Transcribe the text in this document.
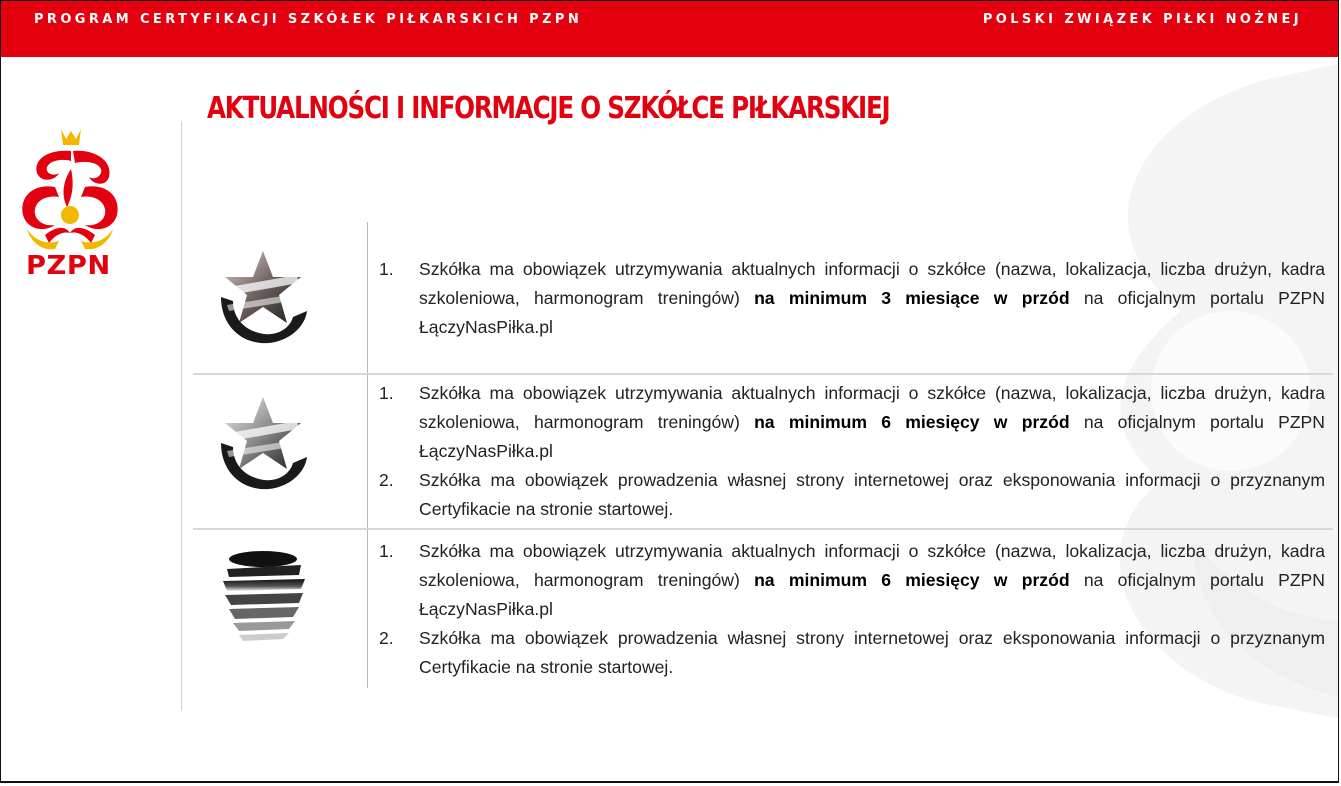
PROGRAM CERTYFIKACJI SZKÓŁEK PIŁKARSKICH PZPN	POLSKI ZWIĄZEK PIŁKI NOŻNEJ
PZPN
AKTUALNOŚCI I INFORMACJE O SZKÓŁCE PIŁKARSKIEJ
1. Szkółka ma obowiązek utrzymywania aktualnych informacji o szkółce (nazwa, lokalizacja, liczba drużyn, kadra szkoleniowa, harmonogram treningów) na minimum 3 miesiące w przód na oficjalnym portalu PZPN ŁączyNasPiłka.pl
1. Szkółka ma obowiązek utrzymywania aktualnych informacji o szkółce (nazwa, lokalizacja, liczba drużyn, kadra szkoleniowa, harmonogram treningów) na minimum 6 miesięcy w przód na oficjalnym portalu PZPN ŁączyNasPiłka.pl
2. Szkółka ma obowiązek prowadzenia własnej strony internetowej oraz eksponowania informacji o przyznanym Certyfikacie na stronie startowej.
1. Szkółka ma obowiązek utrzymywania aktualnych informacji o szkółce (nazwa, lokalizacja, liczba drużyn, kadra szkoleniowa, harmonogram treningów) na minimum 6 miesięcy w przód na oficjalnym portalu PZPN ŁączyNasPiłka.pl
2. Szkółka ma obowiązek prowadzenia własnej strony internetowej oraz eksponowania informacji o przyznanym Certyfikacie na stronie startowej.
